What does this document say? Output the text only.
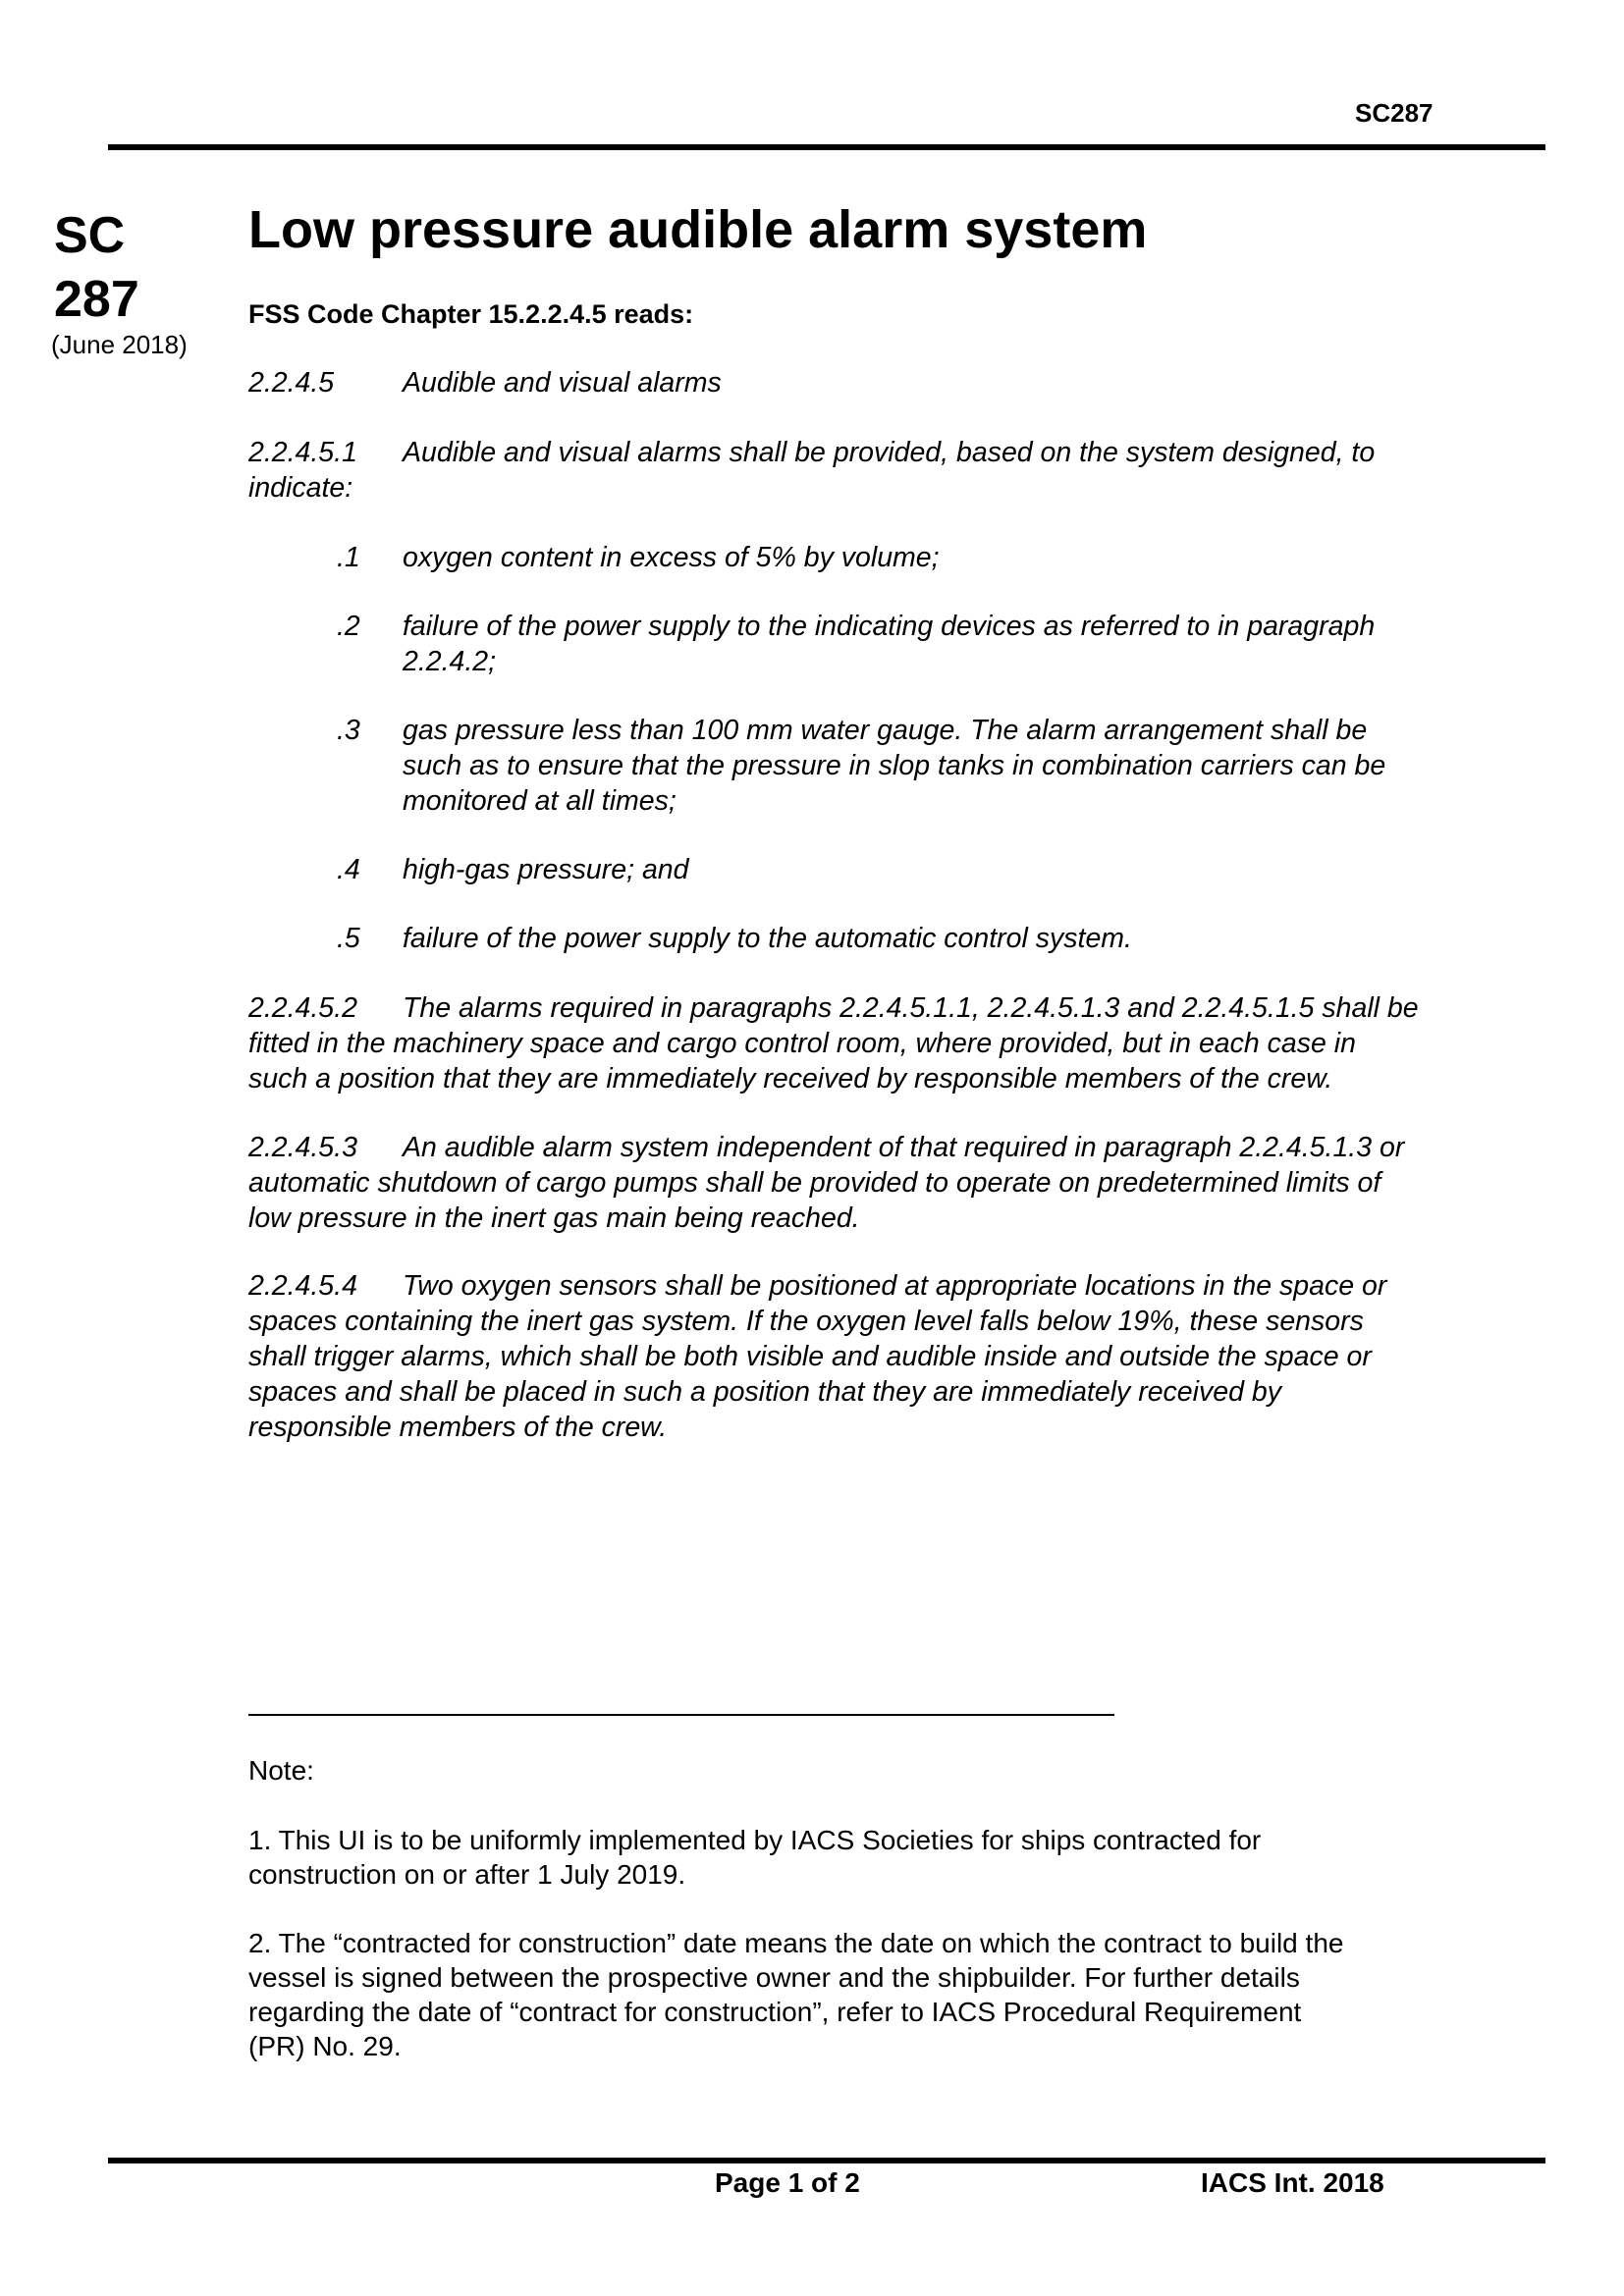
SC287
SC
287
(June 2018)
Low pressure audible alarm system
FSS Code Chapter 15.2.2.4.5 reads:
2.2.4.5 Audible and visual alarms
2.2.4.5.1 Audible and visual alarms shall be provided, based on the system designed, to
indicate:
.1 oxygen content in excess of 5% by volume;
.2 failure of the power supply to the indicating devices as referred to in paragraph
2.2.4.2;
.3 gas pressure less than 100 mm water gauge. The alarm arrangement shall be
such as to ensure that the pressure in slop tanks in combination carriers can be
monitored at all times;
.4 high-gas pressure; and
.5 failure of the power supply to the automatic control system.
2.2.4.5.2 The alarms required in paragraphs 2.2.4.5.1.1, 2.2.4.5.1.3 and 2.2.4.5.1.5 shall be
fitted in the machinery space and cargo control room, where provided, but in each case in
such a position that they are immediately received by responsible members of the crew.
2.2.4.5.3 An audible alarm system independent of that required in paragraph 2.2.4.5.1.3 or
automatic shutdown of cargo pumps shall be provided to operate on predetermined limits of
low pressure in the inert gas main being reached.
2.2.4.5.4 Two oxygen sensors shall be positioned at appropriate locations in the space or
spaces containing the inert gas system. If the oxygen level falls below 19%, these sensors
shall trigger alarms, which shall be both visible and audible inside and outside the space or
spaces and shall be placed in such a position that they are immediately received by
responsible members of the crew.
Note:
1. This UI is to be uniformly implemented by IACS Societies for ships contracted for
construction on or after 1 July 2019.
2. The “contracted for construction” date means the date on which the contract to build the
vessel is signed between the prospective owner and the shipbuilder. For further details
regarding the date of “contract for construction”, refer to IACS Procedural Requirement
(PR) No. 29.
Page 1 of 2	IACS Int. 2018
